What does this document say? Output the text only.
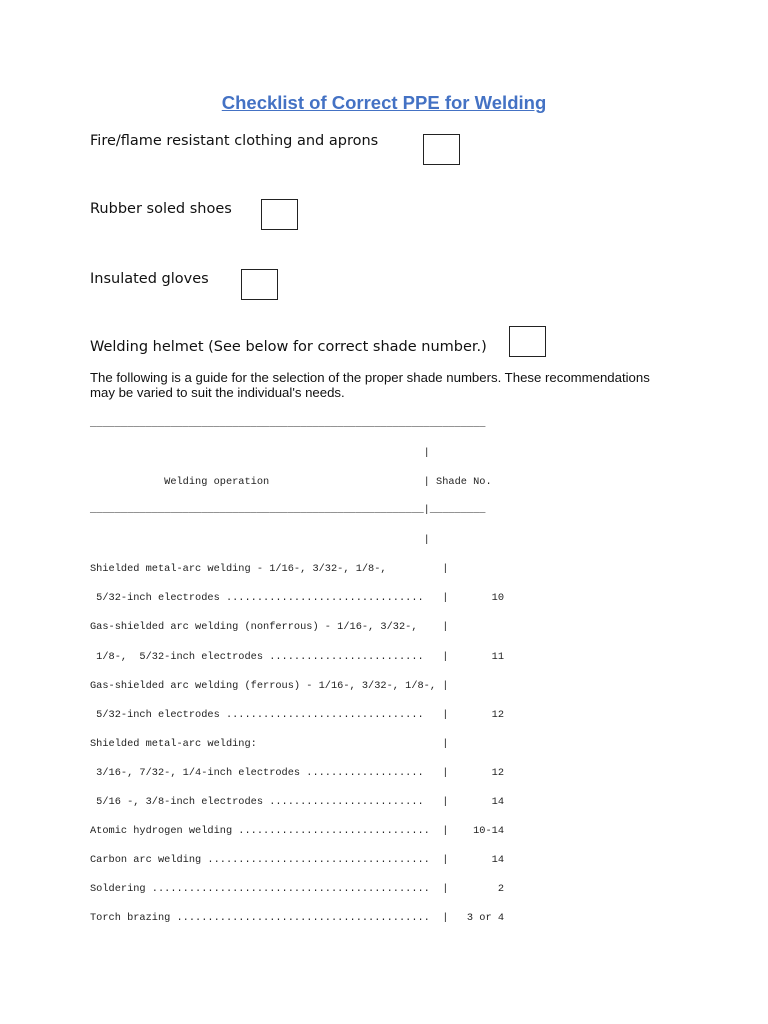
Checklist of Correct PPE for Welding
Fire/flame resistant clothing and aprons
Rubber soled shoes
Insulated gloves
Welding helmet (See below for correct shade number.)
The following is a guide for the selection of the proper shade numbers. These recommendations may be varied to suit the individual's needs.
________________________________________________________________
|
Welding operation                         | Shade No.
______________________________________________________|_________
|
Shielded metal-arc welding - 1/16-, 3/32-, 1/8-,         |
5/32-inch electrodes ................................   |       10
Gas-shielded arc welding (nonferrous) - 1/16-, 3/32-,    |
1/8-,  5/32-inch electrodes .........................   |       11
Gas-shielded arc welding (ferrous) - 1/16-, 3/32-, 1/8-, |
5/32-inch electrodes ................................   |       12
Shielded metal-arc welding:                              |
3/16-, 7/32-, 1/4-inch electrodes ...................   |       12
5/16 -, 3/8-inch electrodes .........................   |       14
Atomic hydrogen welding ...............................  |    10-14
Carbon arc welding ....................................  |       14
Soldering .............................................  |        2
Torch brazing .........................................  |   3 or 4
